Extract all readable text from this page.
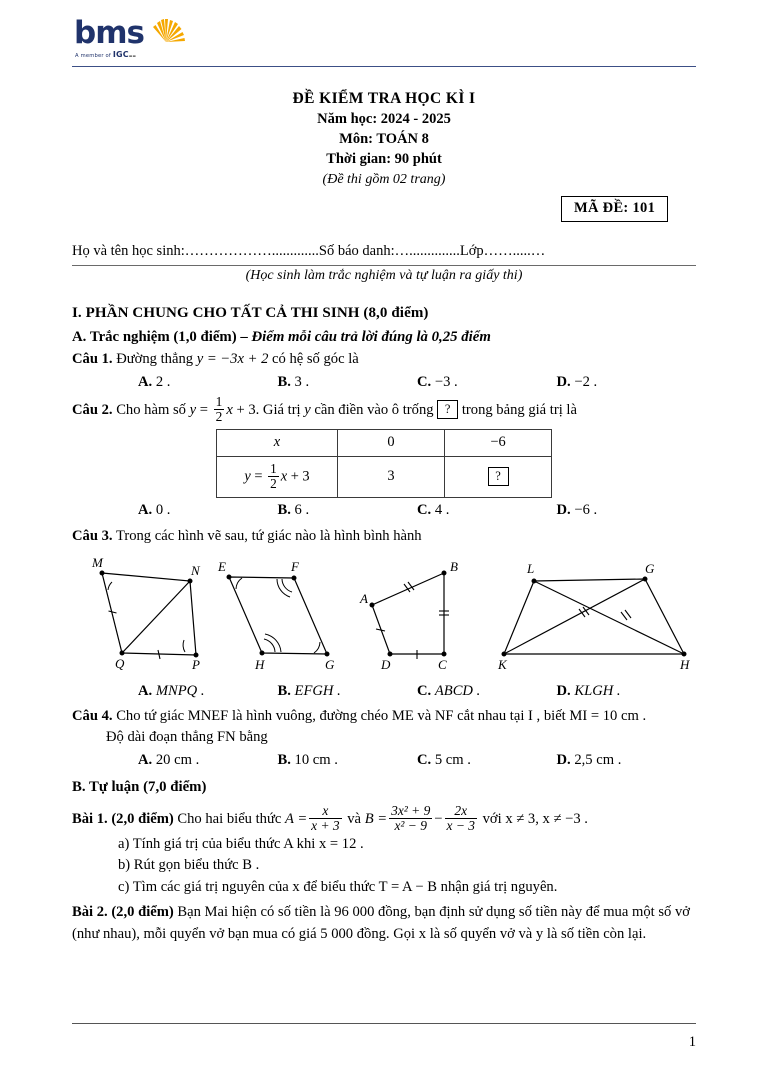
bms
A member of IGC▬▬
ĐỀ KIỂM TRA HỌC KÌ I
Năm học: 2024 - 2025
Môn: TOÁN 8
Thời gian: 90 phút
(Đề thi gồm 02 trang)
MÃ ĐỀ: 101
Họ và tên học sinh:……………….............Số báo danh:…..............Lớp…….....…
(Học sinh làm trắc nghiệm và tự luận ra giấy thi)
I. PHẦN CHUNG CHO TẤT CẢ THI SINH (8,0 điểm)
A. Trắc nghiệm (1,0 điểm) – Điểm mỗi câu trả lời đúng là 0,25 điểm
Câu 1. Đường thẳng y = −3x + 2 có hệ số góc là
A. 2 .	B. 3 .	C. −3 .	D. −2 .
Câu 2. Cho hàm số $y = \frac{1}{2}$ x + 3. Giá trị y cần điền vào ô trống ? trong bảng giá trị là
x	0	−6
$y = \frac{1}{2}$ x + 3	3	?
A. 0 .	B. 6 .	C. 4 .	D. −6 .
Câu 3. Trong các hình vẽ sau, tứ giác nào là hình bình hành
M
N
Q	P
E	F
H	G
A
B
D	C
L	G
K	H
A. MNPQ .	B. EFGH .	C. ABCD .	D. KLGH .
Câu 4. Cho tứ giác MNEF là hình vuông, đường chéo ME và NF cắt nhau tại I , biết MI = 10 cm .
Độ dài đoạn thẳng FN bằng
A. 20 cm .	B. 10 cm .	C. 5 cm .	D. 2,5 cm .
B. Tự luận (7,0 điểm)
Bài 1. (2,0 điểm) Cho hai biểu thức $A = \frac{x}{x + 3}$ và $B = \frac{\text{3x² + 9}}{\text{x² − 9}} - \frac{2x}{x - 3}$ với x ≠ 3, x ≠ −3 .
a) Tính giá trị của biểu thức A khi x = 12 .
b) Rút gọn biểu thức B .
c) Tìm các giá trị nguyên của x để biểu thức T = A − B nhận giá trị nguyên.
Bài 2. (2,0 điểm) Bạn Mai hiện có số tiền là 96 000 đồng, bạn định sử dụng số tiền này để mua một số vở (như nhau), mỗi quyển vở bạn mua có giá 5 000 đồng. Gọi x là số quyển vở và y là số tiền còn lại.
1
